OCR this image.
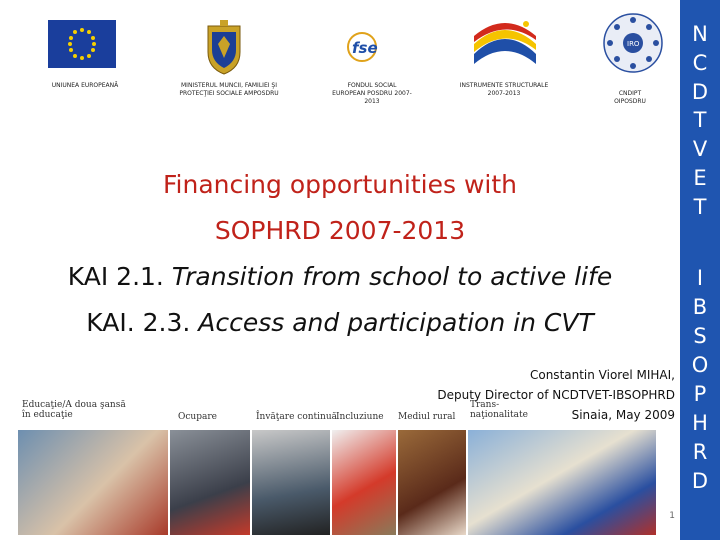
UNIUNEA EUROPEANĂ	MINISTERUL MUNCII, FAMILIEI ŞI PROTECŢIEI SOCIALE AMPOSDRU
fse
FONDUL SOCIAL EUROPEAN POSDRU 2007-2013
INSTRUMENTE STRUCTURALE 2007-2013
IRO
CNDIPT OIPOSDRU
Financing opportunities with
SOPHRD 2007-2013
KAI 2.1. Transition from school to active life
KAI. 2.3. Access and participation in CVT
Constantin Viorel MIHAI,
Deputy Director of NCDTVET-IBSOPHRD
Sinaia, May 2009
Educaţie/A doua şansă în educaţie	Ocupare	Învăţare continuă Incluziune Mediul rural
Trans-naţionalitate
1
N
C
D
T
V
E
T
I
B
S
O
P
H
R
D
